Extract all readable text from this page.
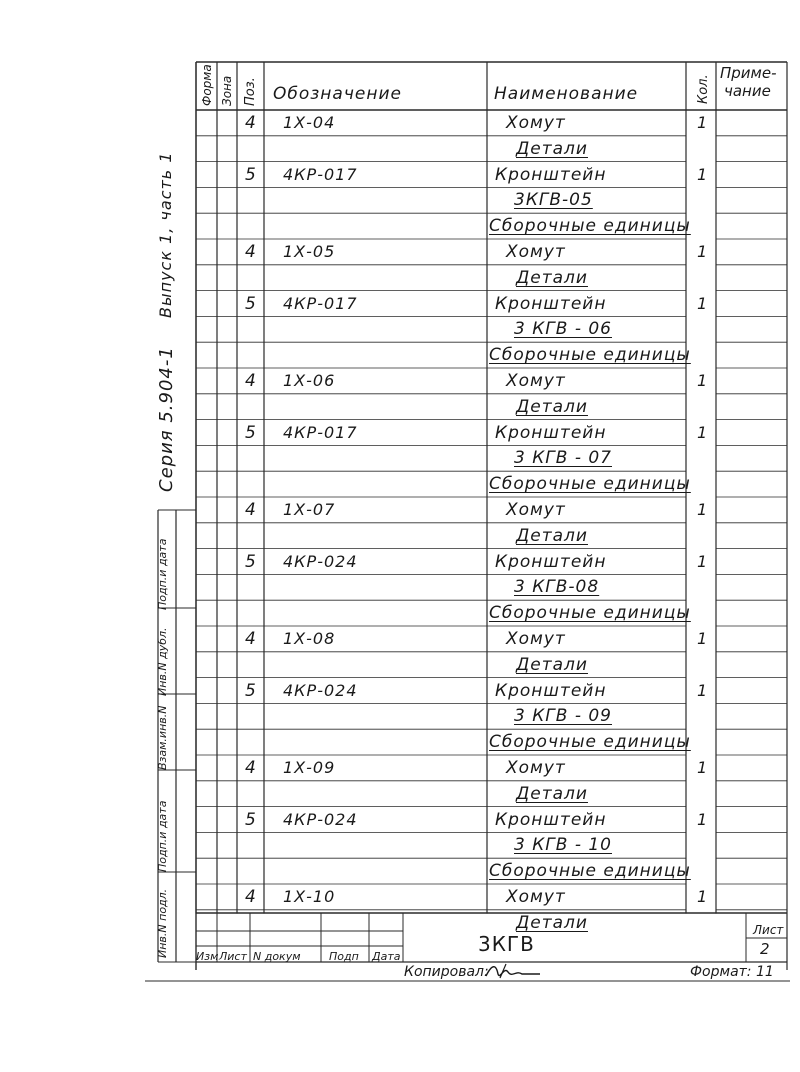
Форма Зона Поз. Обозначение	Наименование	Кол.
Приме-
чание
4 1Х-04	Хомут	1
Детали
5 4КР-017	Кронштейн	1
3КГВ-05
Сборочные единицы
4 1Х-05	Хомут	1
Детали
5 4КР-017	Кронштейн	1
3 КГВ - 06
Сборочные единицы
4 1Х-06	Хомут	1
Детали
5 4КР-017	Кронштейн	1
3 КГВ - 07
Сборочные единицы
4 1Х-07	Хомут	1
Детали
5 4КР-024	Кронштейн	1
3 КГВ-08
Сборочные единицы
4 1Х-08	Хомут	1
Детали
5 4КР-024	Кронштейн	1
3 КГВ - 09
Сборочные единицы
4 1Х-09	Хомут	1
Детали
5 4КР-024	Кронштейн	1
3 КГВ - 10
Сборочные единицы
4 1Х-10	Хомут	1
Детали
Серия 5.904-1
Выпуск 1, часть 1
Инв.N подл.
Подп.и дата
Взам.инв.N
Инв.N дубл.
Подп.и дата
Изм Лист N докум	Подп Дата
3КГВ
Лист
2
Копировал:	Формат: 11
